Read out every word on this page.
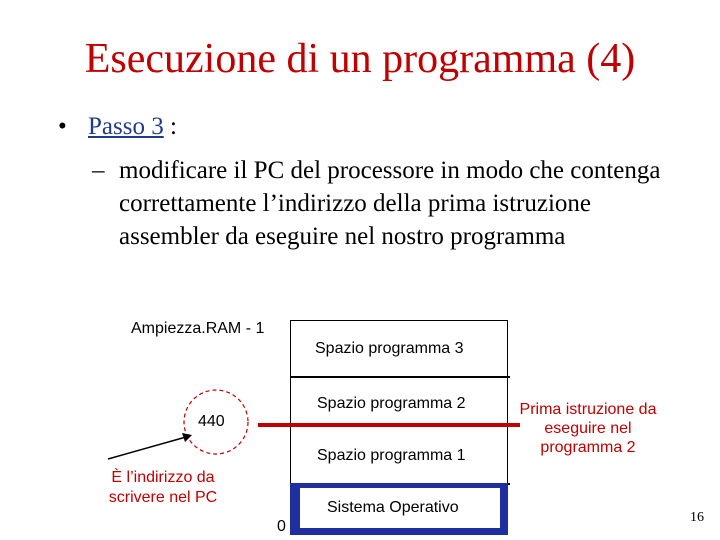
Esecuzione di un programma (4)
• Passo 3 :
– modificare il PC del processore in modo che contenga correttamente l’indirizzo della prima istruzione assembler da eseguire nel nostro programma
Spazio programma 3
Spazio programma 2
Spazio programma 1
Sistema Operativo
Ampiezza.RAM - 1
0
440
Prima istruzione da eseguire nel programma 2
È l’indirizzo da scrivere nel PC
16
